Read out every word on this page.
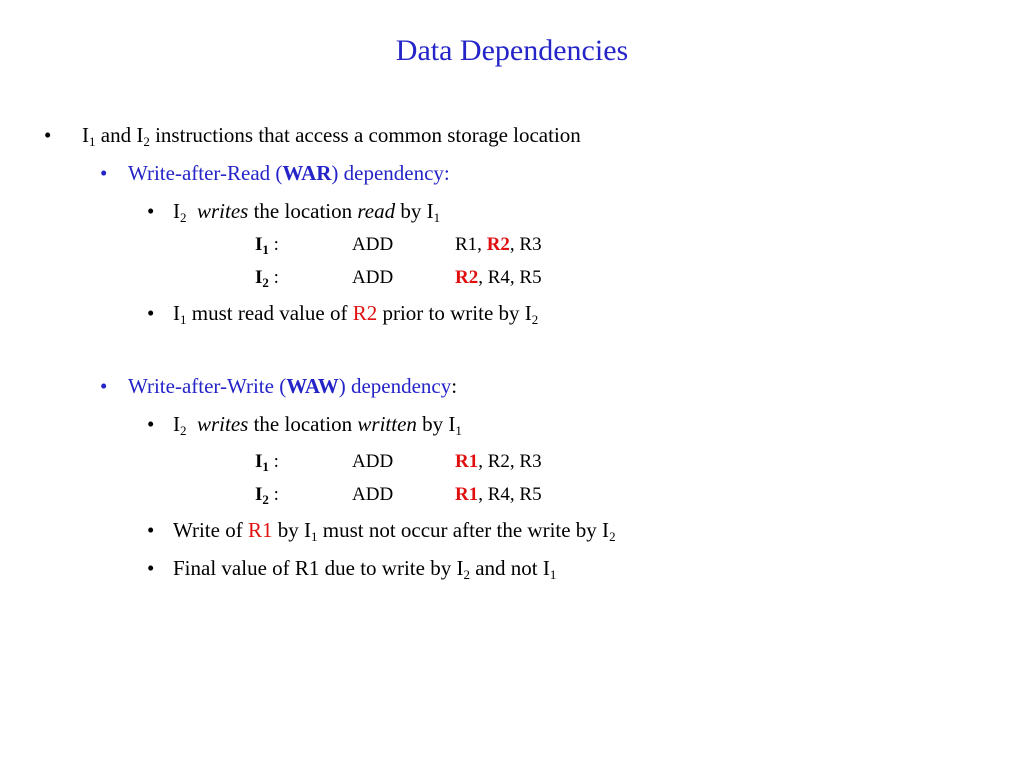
Data Dependencies
• $I_1$ and $I_2$ instructions that access a common storage location
• Write-after-Read (WAR) dependency:
• $I_2$ writes the location read by $I_1$
$I_1$ :	ADD	R1, R2, R3
$I_2$ :	ADD	R2, R4, R5
• $I_1$ must read value of R2 prior to write by $I_2$
• Write-after-Write (WAW) dependency:
• $I_2$ writes the location written by $I_1$
$I_1$ :	ADD	R1, R2, R3
$I_2$ :	ADD	R1, R4, R5
• Write of R1 by $I_1$ must not occur after the write by $I_2$
• Final value of R1 due to write by $I_2$ and not $I_1$
